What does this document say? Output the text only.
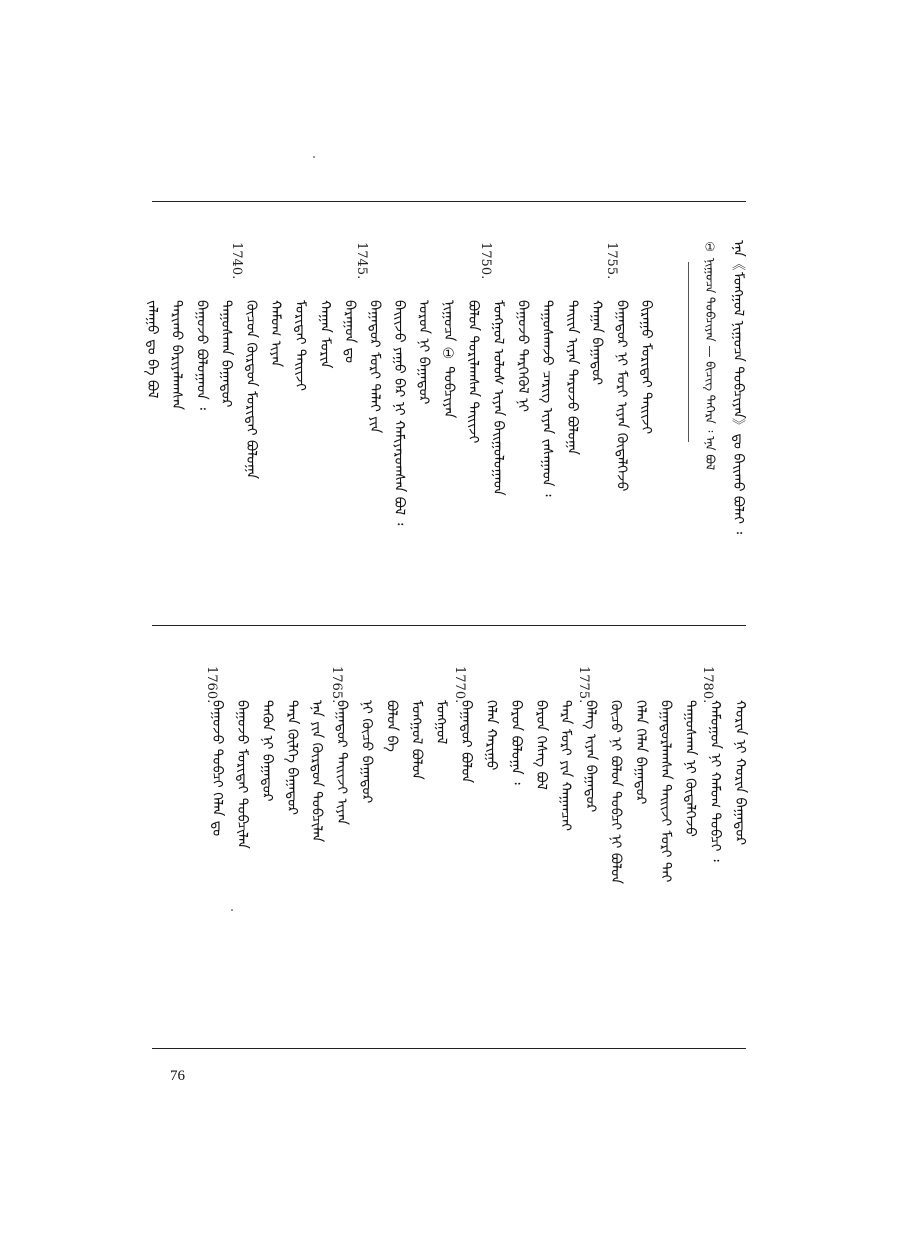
ᠡᠨᠡ《ᠮᠣᠩᠭᠣᠯ ᠨᠢᠭᠤᠴᠠ ᠲᠣᠪᠴᠢᠶᠠᠨ》ᠳᠤ ᠪᠠᠢᠬᠤ ᠪᠣᠯᠠᠢ ᠄
① ᠨᠢᠭᠤᠴᠠ ᠲᠣᠪᠴᠢᠶᠠᠨ — ᠪᠢᠴᠢᠭ ᠳᠡᠭᠡᠷᠡ ᠄ ᠡᠨᠡ ᠪᠣᠯ
ᠪᠢᠷᠠᠭᠤ ᠮᠣᠷᠢᠳᠠᠢ ᠲᠠᠢᠢᠵᠢ
ᠪᠠᠭᠠᠲᠤᠷ ᠨᠢ ᠮᠣᠷᠢ ᠢᠶᠠᠨ ᠬᠥᠳᠡᠯᠭᠡᠵᠦ
ᠬᠠᠭᠠᠨ ᠪᠠᠭᠠᠲᠤᠷ
ᠳᠠᠢᠢᠨ ᠢᠶᠠᠨ ᠳᠠᠷᠤᠵᠤ ᠪᠣᠯᠤᠭᠠ
ᠳᠠᠭᠤᠰᠬᠠᠵᠤ ᠴᠡᠷᠢᠭ ᠢᠶᠡᠨ ᠵᠠᠰᠠᠭᠠᠳ ᠄
ᠪᠠᠭᠤᠵᠤ ᠲᠡᠷᠭᠡᠭᠦᠯ ᠨᠢ
ᠮᠣᠩᠭᠣᠯ ᠤᠯᠤᠰ ᠢᠶᠠᠨ ᠪᠠᠢᠭᠤᠯᠤᠭᠠᠳ
ᠪᠣᠯᠤᠨ ᠲᠣᠷᠢᠯᠠᠭᠰᠠᠨ ᠲᠠᠢᠢᠵᠢ
ᠨᠢᠭᠤᠴᠠ ① ᠲᠣᠪᠴᠢᠶᠠᠨ
ᠣᠷᠤᠨ ᠨᠢ ᠪᠠᠭᠠᠲᠤᠷ
ᠪᠠᠢᠢᠵᠤ ᠶᠠᠭᠤ ᠪᠡᠷ ᠨᠢ ᠬᠠᠮᠢᠶᠠᠷᠤᠭᠰᠠᠨ ᠪᠣᠯ ᠄
ᠪᠠᠭᠠᠲᠤᠷ ᠮᠣᠷᠢ ᠳᠠᠯᠠᠢ ᠶᠢᠨ
ᠪᠠᠷᠠᠭᠤᠨ ᠳᠤ
ᠬᠠᠭᠠᠨ ᠮᠣᠷᠢᠨ
ᠮᠣᠷᠢᠳᠠᠢ ᠲᠠᠢᠢᠵᠢ
ᠬᠠᠮᠤᠭ ᠢᠶᠠᠨ
ᠬᠦᠴᠦᠨ ᠬᠦᠷᠳᠦᠨ ᠮᠣᠷᠢᠳᠠᠢ ᠪᠣᠯᠤᠭᠠ
ᠳᠠᠭᠤᠰᠬᠠᠨ ᠪᠠᠭᠠᠲᠤᠷ
ᠪᠠᠭᠤᠵᠤ ᠪᠣᠯᠤᠭᠠᠳ ᠄
ᠲᠠᠷᠢᠬᠤ ᠪᠠᠷᠢᠶᠠᠯᠠᠭᠰᠠᠨ
ᠵᠠᠯᠠᠭᠤ ᠳᠤ ᠪᠠ ᠪᠣᠯ
ᠬᠣᠷᠢᠨ ᠨᠢ ᠬᠣᠷᠢᠨ ᠪᠠᠭᠠᠲᠤᠷ
ᠬᠠᠮᠤᠭᠤᠨ ᠨᠢ ᠬᠠᠮᠤᠭ ᠲᠣᠪᠴᠢ ᠄
ᠲᠠᠭᠤᠰᠬᠠᠨ ᠨᠢ ᠬᠥᠳᠡᠯᠭᠡᠵᠦ
ᠪᠠᠭᠠᠲᠤᠷᠯᠠᠭᠰᠠᠨ ᠲᠠᠢᠢᠵᠢ ᠮᠣᠷᠢ ᠲᠠᠢ
ᠬᠡᠯᠡᠨ ᠬᠡᠯᠡᠨ ᠪᠠᠭᠠᠲᠤᠷ
ᠬᠦᠴᠦ ᠨᠢ ᠪᠣᠯᠤᠨ ᠲᠣᠪᠴᠢ ᠨᠢ ᠪᠣᠯᠤᠨ
ᠪᠡᠯᠡᠭ ᠢᠶᠡᠨ ᠪᠠᠭᠠᠲᠤᠷ
ᠲᠡᠷᠡ ᠮᠣᠷᠢ ᠶᠢᠨ ᠬᠠᠭᠠᠨᠴᠠᠢ
ᠪᠠᠷᠤᠨ ᠬᠡᠰᠡᠭ ᠪᠣᠯ
ᠪᠠᠷᠤᠨ ᠪᠣᠯᠤᠭᠠ ᠄
ᠬᠡᠯᠡᠨ ᠬᠠᠷᠢᠭᠤ
ᠪᠠᠭᠠᠲᠤᠷ ᠪᠣᠯᠤᠨ
ᠮᠣᠩᠭᠣᠯ
ᠮᠣᠩᠭᠣᠯ ᠪᠣᠯᠤᠨ
ᠪᠣᠯᠤᠨ ᠪᠠ
ᠨᠢ ᠬᠦᠴᠦ ᠪᠠᠭᠠᠲᠤᠷ
ᠪᠠᠭᠠᠲᠤᠷ ᠲᠠᠢᠢᠵᠢ ᠢᠶᠡᠨ
ᠡᠨᠡ ᠶᠢᠨ ᠬᠦᠷᠳᠦᠨ ᠲᠣᠪᠴᠢᠯᠠᠨ
ᠲᠡᠷᠡ ᠬᠥᠯᠭᠡ ᠪᠠᠭᠠᠲᠤᠷ
ᠲᠡᠭᠦᠨ ᠨᠢ ᠪᠠᠭᠠᠲᠤᠷ
ᠪᠠᠭᠤᠵᠤ ᠮᠣᠷᠢᠳᠠᠢ ᠲᠣᠪᠴᠢᠯᠠᠨ
ᠪᠠᠭᠤᠵᠤ ᠲᠣᠪᠴᠢ ᠬᠡᠯᠡᠨ ᠳᠤ
1755.
1750.
1745.
1740.
1780.
1775.
1770.
1765.
1760.
76
